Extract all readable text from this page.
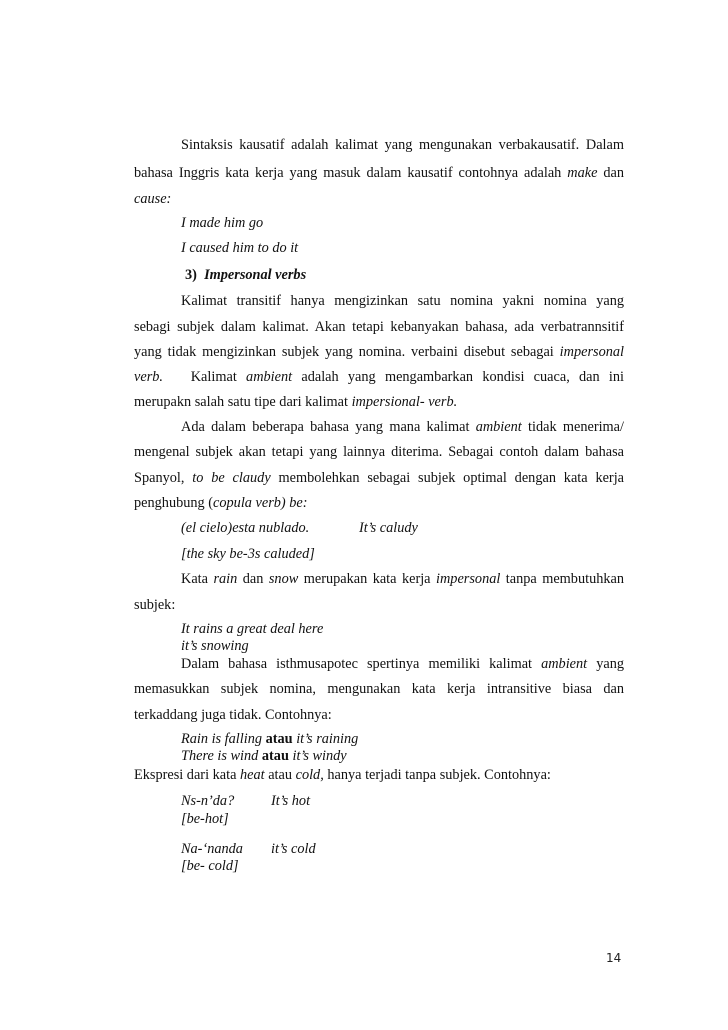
Sintaksis kausatif adalah kalimat yang mengunakan verbakausatif. Dalam
bahasa Inggris kata kerja yang masuk dalam kausatif contohnya adalah make dan
cause:
I made him go
I caused him to do it
3) Impersonal verbs
Kalimat transitif hanya mengizinkan satu nomina yakni nomina yang
sebagi subjek dalam kalimat. Akan tetapi kebanyakan bahasa, ada verbatrannsitif
yang tidak mengizinkan subjek yang nomina. verbaini disebut sebagai impersonal
verb. Kalimat ambient adalah yang mengambarkan kondisi cuaca, dan ini
merupakn salah satu tipe dari kalimat impersional- verb.
Ada dalam beberapa bahasa yang mana kalimat ambient tidak menerima/
mengenal subjek akan tetapi yang lainnya diterima. Sebagai contoh dalam bahasa
Spanyol, to be claudy membolehkan sebagai subjek optimal dengan kata kerja
penghubung (copula verb) be:
(el cielo)esta nublado.	It’s caludy
[the sky be-3s caluded]
Kata rain dan snow merupakan kata kerja impersonal tanpa membutuhkan
subjek:
It rains a great deal here
it’s snowing
Dalam bahasa isthmusapotec spertinya memiliki kalimat ambient yang
memasukkan subjek nomina, mengunakan kata kerja intransitive biasa dan
terkaddang juga tidak. Contohnya:
Rain is falling atau it’s raining
There is wind atau it’s windy
Ekspresi dari kata heat atau cold, hanya terjadi tanpa subjek. Contohnya:
Ns-n’da?	It’s hot
[be-hot]
Na-‘nanda it’s cold
[be- cold]
14
